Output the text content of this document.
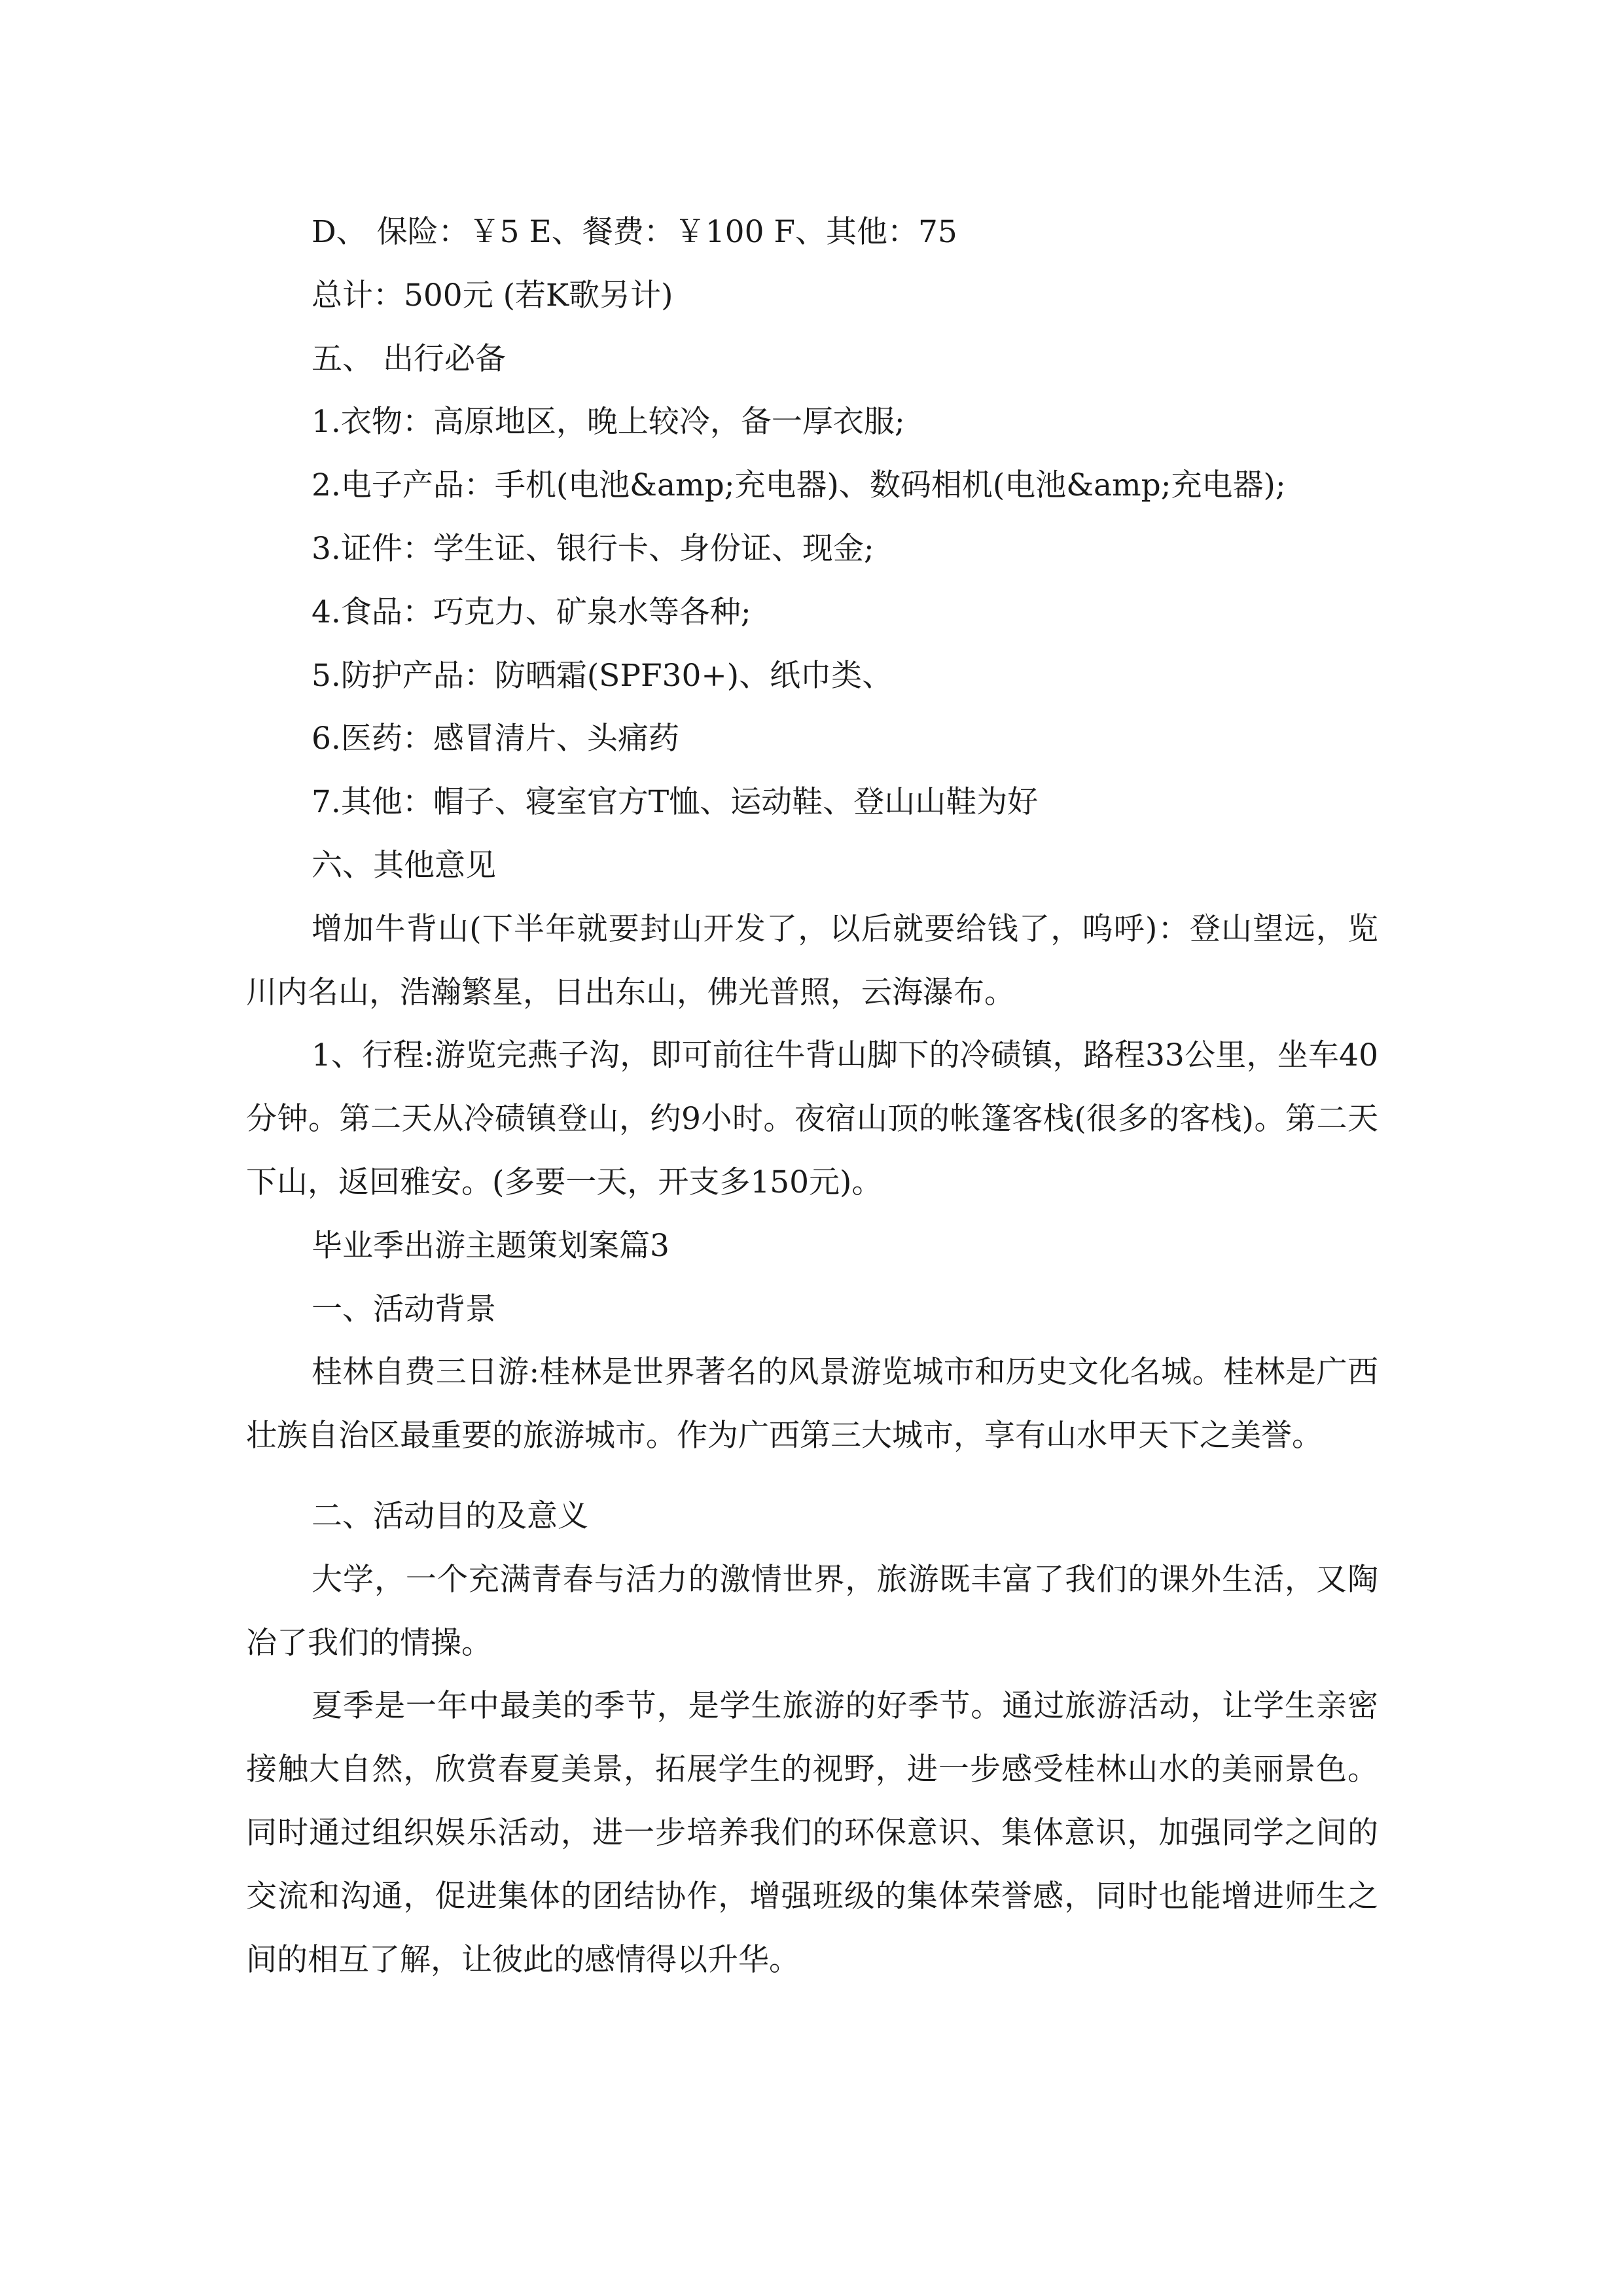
D、 保险：￥5 E、餐费：￥100 F、其他：75

总计：500元 (若K歌另计)

五、 出行必备

1.衣物：高原地区，晚上较冷，备一厚衣服;

2.电子产品：手机(电池&amp;充电器)、数码相机(电池&amp;充电器);

3.证件：学生证、银行卡、身份证、现金;

4.食品：巧克力、矿泉水等各种;

5.防护产品：防晒霜(SPF30+)、纸巾类、

6.医药：感冒清片、头痛药

7.其他：帽子、寝室官方T恤、运动鞋、登山山鞋为好

六、其他意见

增加牛背山(下半年就要封山开发了，以后就要给钱了，呜呼)：登山望远，览川内名山，浩瀚繁星，日出东山，佛光普照，云海瀑布。

1、行程:游览完燕子沟，即可前往牛背山脚下的冷碛镇，路程33公里，坐车40分钟。第二天从冷碛镇登山，约9小时。夜宿山顶的帐篷客栈(很多的客栈)。第二天下山，返回雅安。(多要一天，开支多150元)。

毕业季出游主题策划案篇3

一、活动背景

桂林自费三日游:桂林是世界著名的风景游览城市和历史文化名城。桂林是广西壮族自治区最重要的旅游城市。作为广西第三大城市，享有山水甲天下之美誉。

二、活动目的及意义

大学，一个充满青春与活力的激情世界，旅游既丰富了我们的课外生活，又陶冶了我们的情操。

夏季是一年中最美的季节，是学生旅游的好季节。通过旅游活动，让学生亲密接触大自然，欣赏春夏美景，拓展学生的视野，进一步感受桂林山水的美丽景色。同时通过组织娱乐活动，进一步培养我们的环保意识、集体意识，加强同学之间的交流和沟通，促进集体的团结协作，增强班级的集体荣誉感，同时也能增进师生之间的相互了解，让彼此的感情得以升华。
